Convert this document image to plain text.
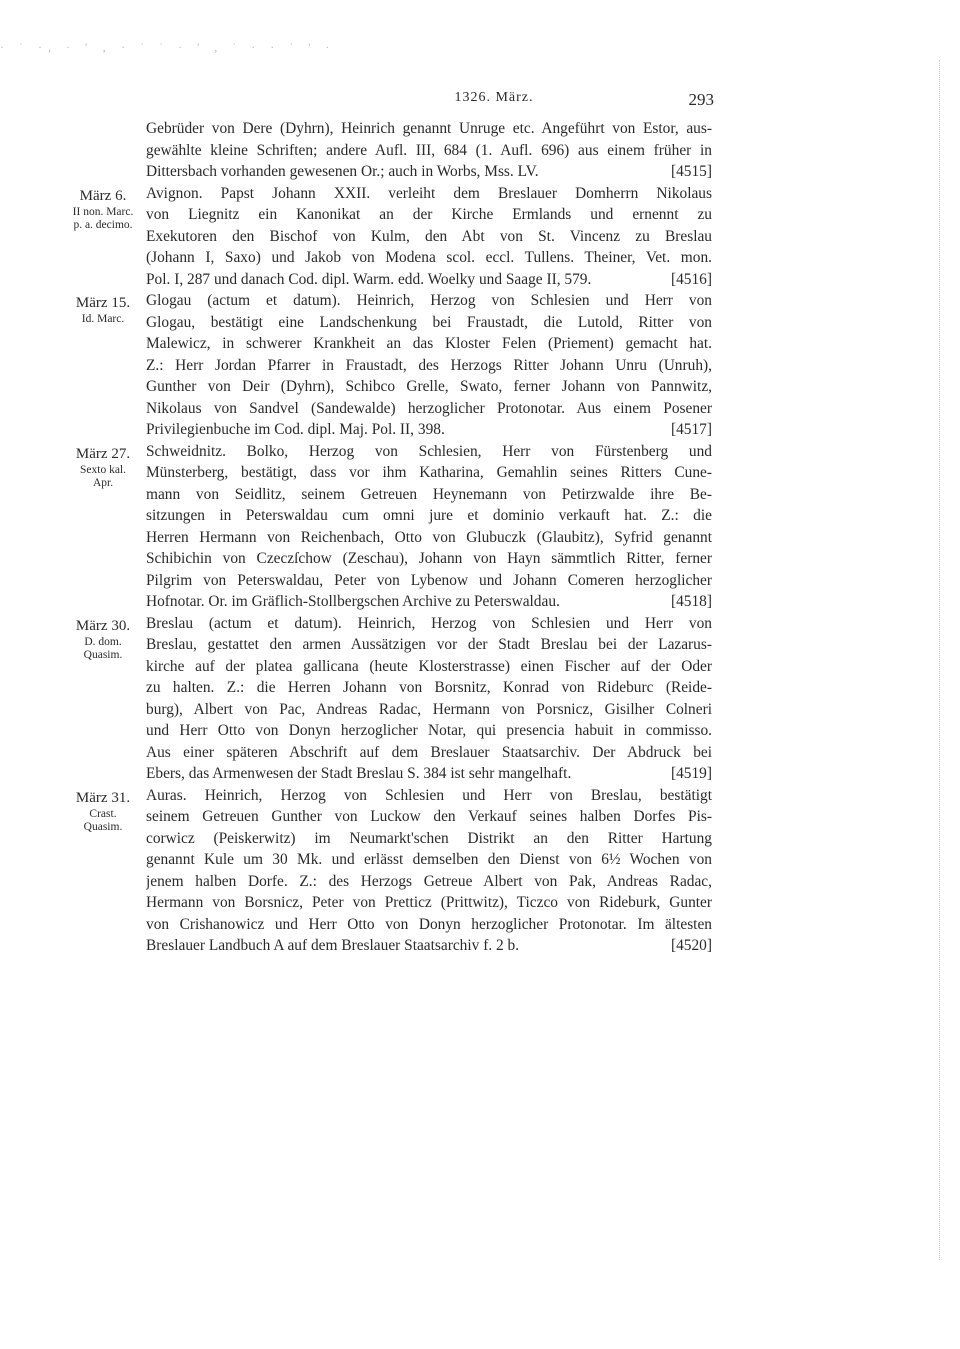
· ˙ ·, · ' ‚ · ˙ ˙ · ' , ˙ · · ˙ ' ·
1326. März.	293
Gebrüder von Dere (Dyhrn), Heinrich genannt Unruge etc. Angeführt von Estor, aus-
gewählte kleine Schriften; andere Aufl. III, 684 (1. Aufl. 696) aus einem früher in
Dittersbach vorhanden gewesenen Or.; auch in Worbs, Mss. LV.	[4515]
März 6.
II non. Marc.
p. a. decimo.
Avignon. Papst Johann XXII. verleiht dem Breslauer Domherrn Nikolaus
von Liegnitz ein Kanonikat an der Kirche Ermlands und ernennt zu
Exekutoren den Bischof von Kulm, den Abt von St. Vincenz zu Breslau
(Johann I, Saxo) und Jakob von Modena scol. eccl. Tullens. Theiner, Vet. mon.
Pol. I, 287 und danach Cod. dipl. Warm. edd. Woelky und Saage II, 579.	[4516]
März 15.
Id. Marc.
Glogau (actum et datum). Heinrich, Herzog von Schlesien und Herr von
Glogau, bestätigt eine Landschenkung bei Fraustadt, die Lutold, Ritter von
Malewicz, in schwerer Krankheit an das Kloster Felen (Priement) gemacht hat.
Z.: Herr Jordan Pfarrer in Fraustadt, des Herzogs Ritter Johann Unru (Unruh),
Gunther von Deir (Dyhrn), Schibco Grelle, Swato, ferner Johann von Pannwitz,
Nikolaus von Sandvel (Sandewalde) herzoglicher Protonotar. Aus einem Posener
Privilegienbuche im Cod. dipl. Maj. Pol. II, 398.	[4517]
März 27.
Sexto kal.
Apr.
Schweidnitz. Bolko, Herzog von Schlesien, Herr von Fürstenberg und
Münsterberg, bestätigt, dass vor ihm Katharina, Gemahlin seines Ritters Cune-
mann von Seidlitz, seinem Getreuen Heynemann von Petirzwalde ihre Be-
sitzungen in Peterswaldau cum omni jure et dominio verkauft hat. Z.: die
Herren Hermann von Reichenbach, Otto von Glubuczk (Glaubitz), Syfrid genannt
Schibichin von Czeczſchow (Zeschau), Johann von Hayn sämmtlich Ritter, ferner
Pilgrim von Peterswaldau, Peter von Lybenow und Johann Comeren herzoglicher
Hofnotar. Or. im Gräflich-Stollbergschen Archive zu Peterswaldau.	[4518]
März 30.
D. dom.
Quasim.
Breslau (actum et datum). Heinrich, Herzog von Schlesien und Herr von
Breslau, gestattet den armen Aussätzigen vor der Stadt Breslau bei der Lazarus-
kirche auf der platea gallicana (heute Klosterstrasse) einen Fischer auf der Oder
zu halten. Z.: die Herren Johann von Borsnitz, Konrad von Rideburc (Reide-
burg), Albert von Pac, Andreas Radac, Hermann von Porsnicz, Gisilher Colneri
und Herr Otto von Donyn herzoglicher Notar, qui presencia habuit in commisso.
Aus einer späteren Abschrift auf dem Breslauer Staatsarchiv. Der Abdruck bei
Ebers, das Armenwesen der Stadt Breslau S. 384 ist sehr mangelhaft.	[4519]
März 31.
Crast.
Quasim.
Auras. Heinrich, Herzog von Schlesien und Herr von Breslau, bestätigt
seinem Getreuen Gunther von Luckow den Verkauf seines halben Dorfes Pis-
corwicz (Peiskerwitz) im Neumarkt'schen Distrikt an den Ritter Hartung
genannt Kule um 30 Mk. und erlässt demselben den Dienst von 6½ Wochen von
jenem halben Dorfe. Z.: des Herzogs Getreue Albert von Pak, Andreas Radac,
Hermann von Borsnicz, Peter von Pretticz (Prittwitz), Ticzco von Rideburk, Gunter
von Crishanowicz und Herr Otto von Donyn herzoglicher Protonotar. Im ältesten
Breslauer Landbuch A auf dem Breslauer Staatsarchiv f. 2 b.	[4520]
